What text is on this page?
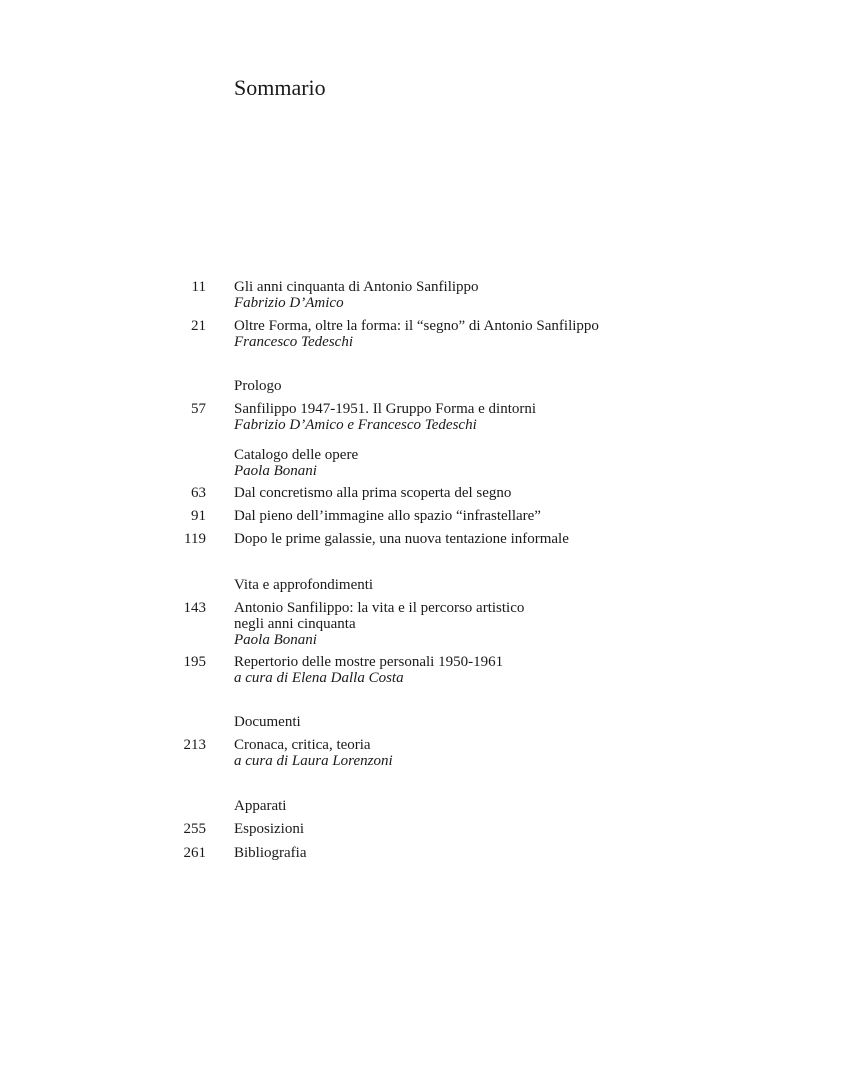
Sommario
11 Gli anni cinquanta di Antonio Sanfilippo
Fabrizio D’Amico
21 Oltre Forma, oltre la forma: il “segno” di Antonio Sanfilippo
Francesco Tedeschi
Prologo
57 Sanfilippo 1947-1951. Il Gruppo Forma e dintorni
Fabrizio D’Amico e Francesco Tedeschi
Catalogo delle opere
Paola Bonani
63 Dal concretismo alla prima scoperta del segno
91 Dal pieno dell’immagine allo spazio “infrastellare”
119 Dopo le prime galassie, una nuova tentazione informale
Vita e approfondimenti
143 Antonio Sanfilippo: la vita e il percorso artistico
negli anni cinquanta
Paola Bonani
195 Repertorio delle mostre personali 1950-1961
a cura di Elena Dalla Costa
Documenti
213 Cronaca, critica, teoria
a cura di Laura Lorenzoni
Apparati
255 Esposizioni
261 Bibliografia
